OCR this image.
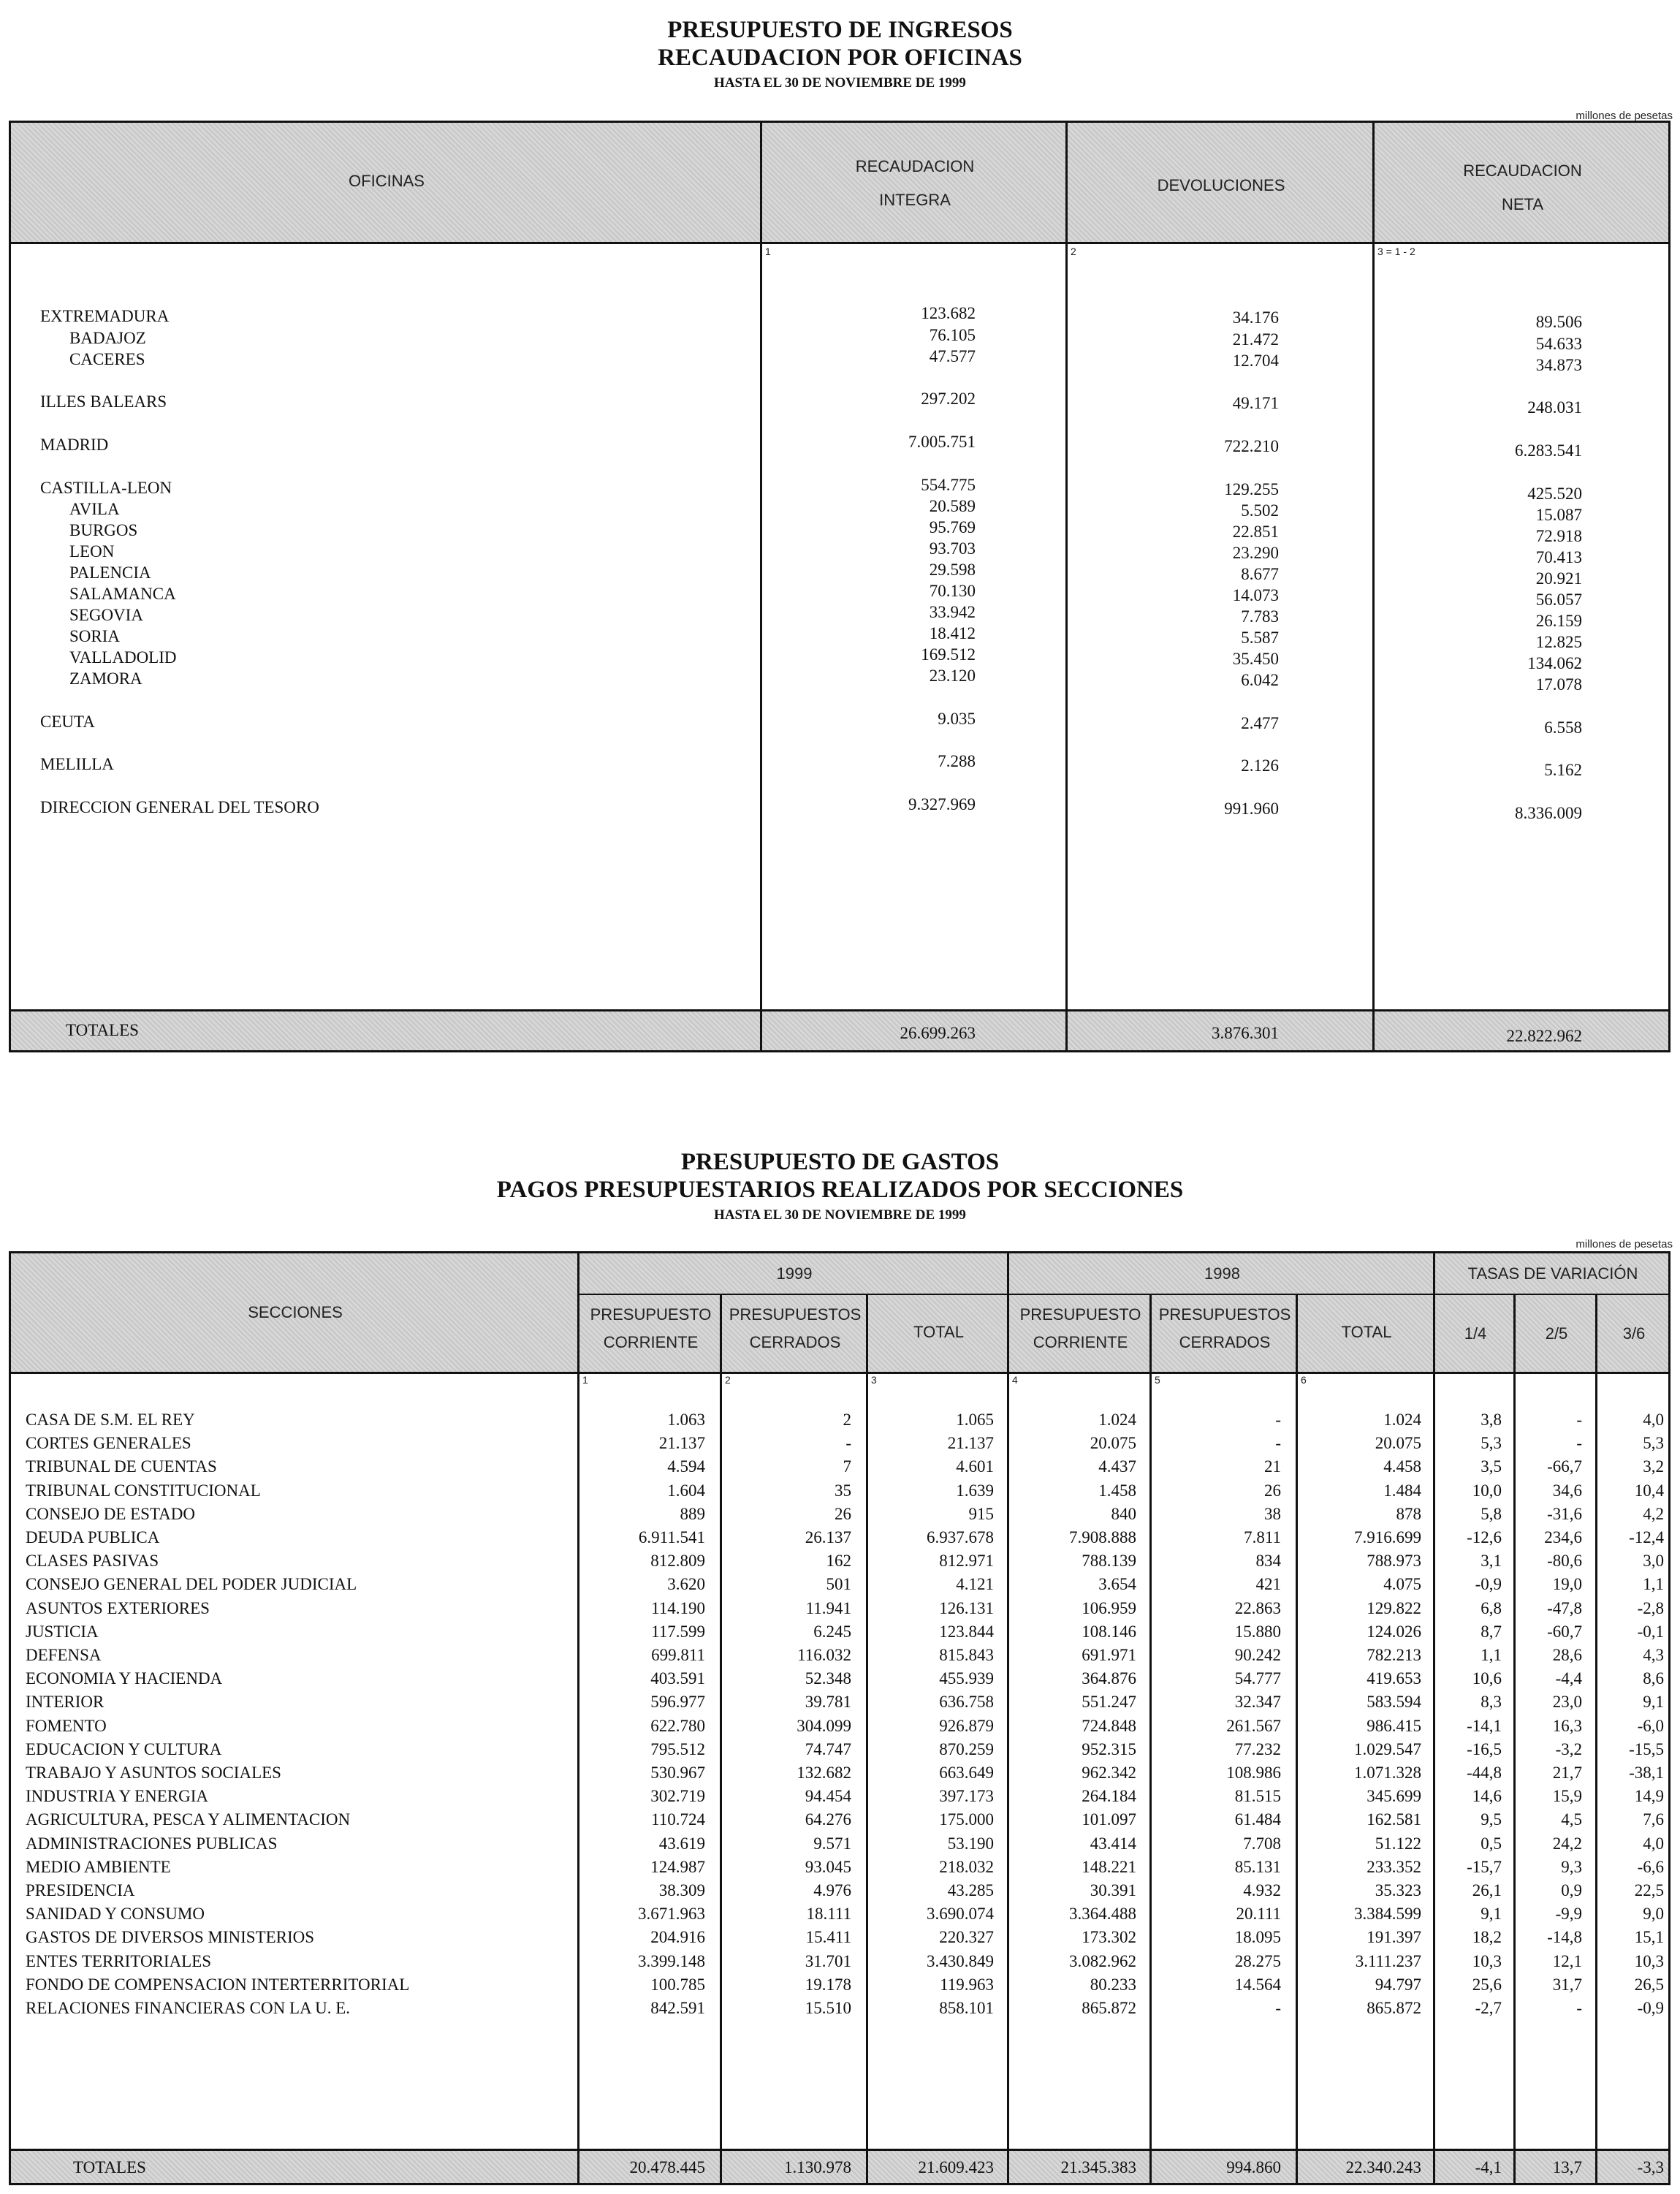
PRESUPUESTO DE INGRESOS
RECAUDACION POR OFICINAS
HASTA EL 30 DE NOVIEMBRE DE 1999
millones de pesetas
OFICINAS
RECAUDACION
INTEGRA
DEVOLUCIONES
RECAUDACION
NETA
1	2	3 = 1 - 2
EXTREMADURA	123.682	34.176	89.506
BADAJOZ	76.105	21.472	54.633
CACERES	47.577	12.704	34.873
ILLES BALEARS	297.202	49.171	248.031
MADRID	7.005.751	722.210	6.283.541
CASTILLA-LEON	554.775	129.255	425.520
AVILA	20.589	5.502	15.087
BURGOS	95.769	22.851	72.918
LEON	93.703	23.290	70.413
PALENCIA	29.598	8.677	20.921
SALAMANCA	70.130	14.073	56.057
SEGOVIA	33.942	7.783	26.159
SORIA	18.412	5.587	12.825
VALLADOLID	169.512	35.450	134.062
ZAMORA	23.120	6.042	17.078
CEUTA	9.035	2.477	6.558
MELILLA	7.288	2.126	5.162
DIRECCION GENERAL DEL TESORO	9.327.969	991.960	8.336.009
TOTALES	26.699.263	3.876.301	22.822.962
PRESUPUESTO DE GASTOS
PAGOS PRESUPUESTARIOS REALIZADOS POR SECCIONES
HASTA EL 30 DE NOVIEMBRE DE 1999
millones de pesetas
SECCIONES
1999	1998	TASAS DE VARIACIÓN
PRESUPUESTO
CORRIENTE
PRESUPUESTOS
CERRADOS
TOTAL
PRESUPUESTO
CORRIENTE
PRESUPUESTOS
CERRADOS
TOTAL	1/4	2/5	3/6
1	2	3	4	5	6
CASA DE S.M. EL REY	1.063	2	1.065	1.024	-	1.024	3,8	-	4,0
CORTES GENERALES	21.137	-	21.137	20.075	-	20.075	5,3	-	5,3
TRIBUNAL DE CUENTAS	4.594	7	4.601	4.437	21	4.458	3,5	-66,7	3,2
TRIBUNAL CONSTITUCIONAL	1.604	35	1.639	1.458	26	1.484	10,0	34,6	10,4
CONSEJO DE ESTADO	889	26	915	840	38	878	5,8	-31,6	4,2
DEUDA PUBLICA	6.911.541	26.137	6.937.678	7.908.888	7.811	7.916.699	-12,6	234,6	-12,4
CLASES PASIVAS	812.809	162	812.971	788.139	834	788.973	3,1	-80,6	3,0
CONSEJO GENERAL DEL PODER JUDICIAL	3.620	501	4.121	3.654	421	4.075	-0,9	19,0	1,1
ASUNTOS EXTERIORES	114.190	11.941	126.131	106.959	22.863	129.822	6,8	-47,8	-2,8
JUSTICIA	117.599	6.245	123.844	108.146	15.880	124.026	8,7	-60,7	-0,1
DEFENSA	699.811	116.032	815.843	691.971	90.242	782.213	1,1	28,6	4,3
ECONOMIA Y HACIENDA	403.591	52.348	455.939	364.876	54.777	419.653	10,6	-4,4	8,6
INTERIOR	596.977	39.781	636.758	551.247	32.347	583.594	8,3	23,0	9,1
FOMENTO	622.780	304.099	926.879	724.848	261.567	986.415	-14,1	16,3	-6,0
EDUCACION Y CULTURA	795.512	74.747	870.259	952.315	77.232	1.029.547	-16,5	-3,2	-15,5
TRABAJO Y ASUNTOS SOCIALES	530.967	132.682	663.649	962.342	108.986	1.071.328	-44,8	21,7	-38,1
INDUSTRIA Y ENERGIA	302.719	94.454	397.173	264.184	81.515	345.699	14,6	15,9	14,9
AGRICULTURA, PESCA Y ALIMENTACION	110.724	64.276	175.000	101.097	61.484	162.581	9,5	4,5	7,6
ADMINISTRACIONES PUBLICAS	43.619	9.571	53.190	43.414	7.708	51.122	0,5	24,2	4,0
MEDIO AMBIENTE	124.987	93.045	218.032	148.221	85.131	233.352	-15,7	9,3	-6,6
PRESIDENCIA	38.309	4.976	43.285	30.391	4.932	35.323	26,1	0,9	22,5
SANIDAD Y CONSUMO	3.671.963	18.111	3.690.074	3.364.488	20.111	3.384.599	9,1	-9,9	9,0
GASTOS DE DIVERSOS MINISTERIOS	204.916	15.411	220.327	173.302	18.095	191.397	18,2	-14,8	15,1
ENTES TERRITORIALES	3.399.148	31.701	3.430.849	3.082.962	28.275	3.111.237	10,3	12,1	10,3
FONDO DE COMPENSACION INTERTERRITORIAL	100.785	19.178	119.963	80.233	14.564	94.797	25,6	31,7	26,5
RELACIONES FINANCIERAS CON LA U. E.	842.591	15.510	858.101	865.872	-	865.872	-2,7	-	-0,9
TOTALES	20.478.445	1.130.978	21.609.423	21.345.383	994.860	22.340.243	-4,1	13,7	-3,3
